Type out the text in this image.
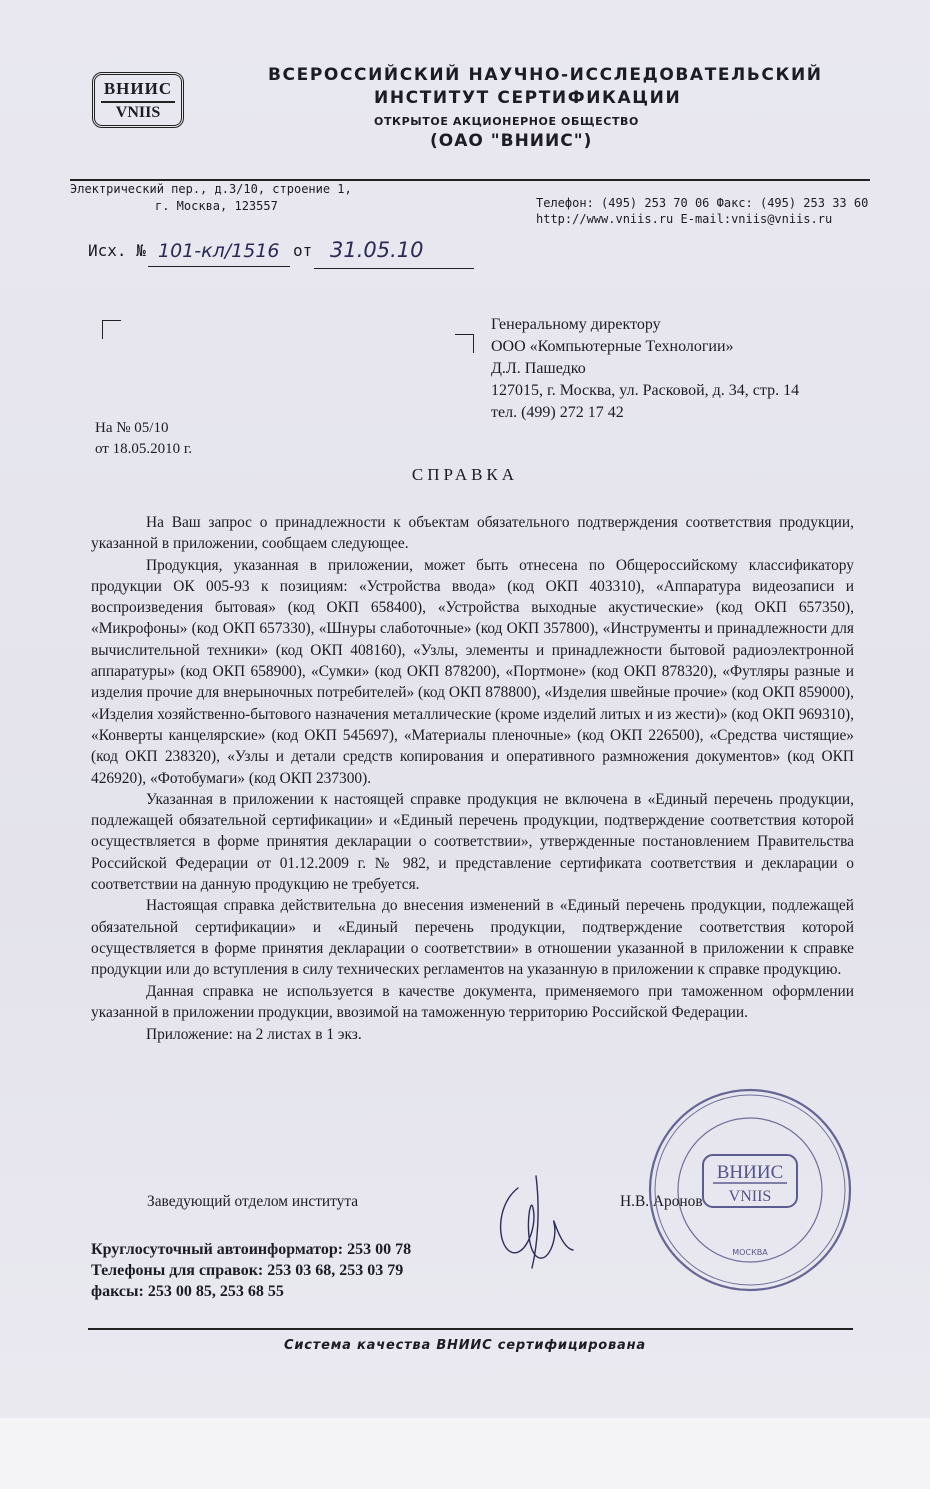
ВНИИС
VNIIS
ВСЕРОССИЙСКИЙ НАУЧНО-ИССЛЕДОВАТЕЛЬСКИЙ
ИНСТИТУТ СЕРТИФИКАЦИИ
ОТКРЫТОЕ АКЦИОНЕРНОЕ ОБЩЕСТВО
(ОАО "ВНИИС")
Электрический пер., д.3/10, строение 1,
г. Москва, 123557	Телефон: (495) 253 70 06 Факс: (495) 253 33 60
http://www.vniis.ru E-mail:vniis@vniis.ru
Исх. № 101-кл/1516 от 31.05.10
Генеральному директору
ООО «Компьютерные Технологии»
Д.Л. Пашедко
127015, г. Москва, ул. Расковой, д. 34, стр. 14
тел. (499) 272 17 42
На № 05/10
от 18.05.2010 г.
СПРАВКА

На Ваш запрос о принадлежности к объектам обязательного подтверждения соответствия продукции, указанной в приложении, сообщаем следующее.

Продукция, указанная в приложении, может быть отнесена по Общероссийскому классификатору продукции ОК 005-93 к позициям: «Устройства ввода» (код ОКП 403310), «Аппаратура видеозаписи и воспроизведения бытовая» (код ОКП 658400), «Устройства выходные акустические» (код ОКП 657350), «Микрофоны» (код ОКП 657330), «Шнуры слаботочные» (код ОКП 357800), «Инструменты и принадлежности для вычислительной техники» (код ОКП 408160), «Узлы, элементы и принадлежности бытовой радиоэлектронной аппаратуры» (код ОКП 658900), «Сумки» (код ОКП 878200), «Портмоне» (код ОКП 878320), «Футляры разные и изделия прочие для внерыночных потребителей» (код ОКП 878800), «Изделия швейные прочие» (код ОКП 859000), «Изделия хозяйственно-бытового назначения металлические (кроме изделий литых и из жести)» (код ОКП 969310), «Конверты канцелярские» (код ОКП 545697), «Материалы пленочные» (код ОКП 226500), «Средства чистящие» (код ОКП 238320), «Узлы и детали средств копирования и оперативного размножения документов» (код ОКП 426920), «Фотобумаги» (код ОКП 237300).

Указанная в приложении к настоящей справке продукция не включена в «Единый перечень продукции, подлежащей обязательной сертификации» и «Единый перечень продукции, подтверждение соответствия которой осуществляется в форме принятия декларации о соответствии», утвержденные постановлением Правительства Российской Федерации от 01.12.2009 г. № 982, и представление сертификата соответствия и декларации о соответствии на данную продукцию не требуется.

Настоящая справка действительна до внесения изменений в «Единый перечень продукции, подлежащей обязательной сертификации» и «Единый перечень продукции, подтверждение соответствия которой осуществляется в форме принятия декларации о соответствии» в отношении указанной в приложении к справке продукции или до вступления в силу технических регламентов на указанную в приложении к справке продукцию.

Данная справка не используется в качестве документа, применяемого при таможенном оформлении указанной в приложении продукции, ввозимой на таможенную территорию Российской Федерации.

Приложение: на 2 листах в 1 экз.

ВНИИС
VNIIS
МОСКВА
Заведующий отделом института	Н.В. Аронов
Круглосуточный автоинформатор: 253 00 78
Телефоны для справок: 253 03 68, 253 03 79
факсы: 253 00 85, 253 68 55
Система качества ВНИИС сертифицирована
